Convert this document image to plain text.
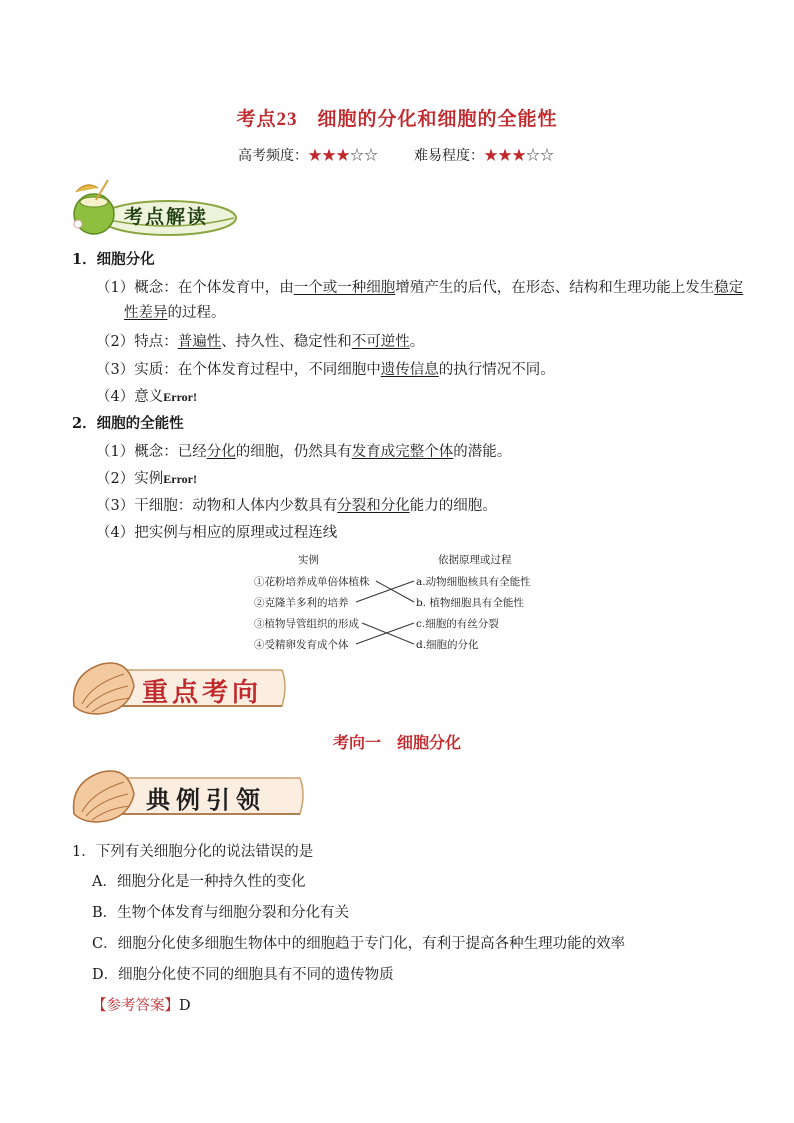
考点23　 细胞的分化和细胞的全能性
高考频度：★★★☆☆	难易程度：★★★☆☆
考点解读
1．细胞分化
（1）概念：在个体发育中，由一个或一种细胞增殖产生的后代，在形态、结构和生理功能上发生稳定
性差异的过程。
（2）特点：普遍性、持久性、稳定性和不可逆性。
（3）实质：在个体发育过程中，不同细胞中遗传信息的执行情况不同。
（4）意义Error!
2．细胞的全能性
（1）概念：已经分化的细胞，仍然具有发育成完整个体的潜能。
（2）实例Error!
（3）干细胞：动物和人体内少数具有分裂和分化能力的细胞。
（4）把实例与相应的原理或过程连线
实例	依据原理或过程
①花粉培养成单倍体植株
②克隆羊多利的培养
③植物导管组织的形成
④受精卵发育成个体
a.动物细胞核具有全能性
b. 植物细胞具有全能性
c.细胞的有丝分裂
d.细胞的分化
重点考向
考向一　细胞分化
典例引领
1．下列有关细胞分化的说法错误的是
A．细胞分化是一种持久性的变化
B．生物个体发育与细胞分裂和分化有关
C．细胞分化使多细胞生物体中的细胞趋于专门化，有利于提高各种生理功能的效率
D．细胞分化使不同的细胞具有不同的遗传物质
【参考答案】D
